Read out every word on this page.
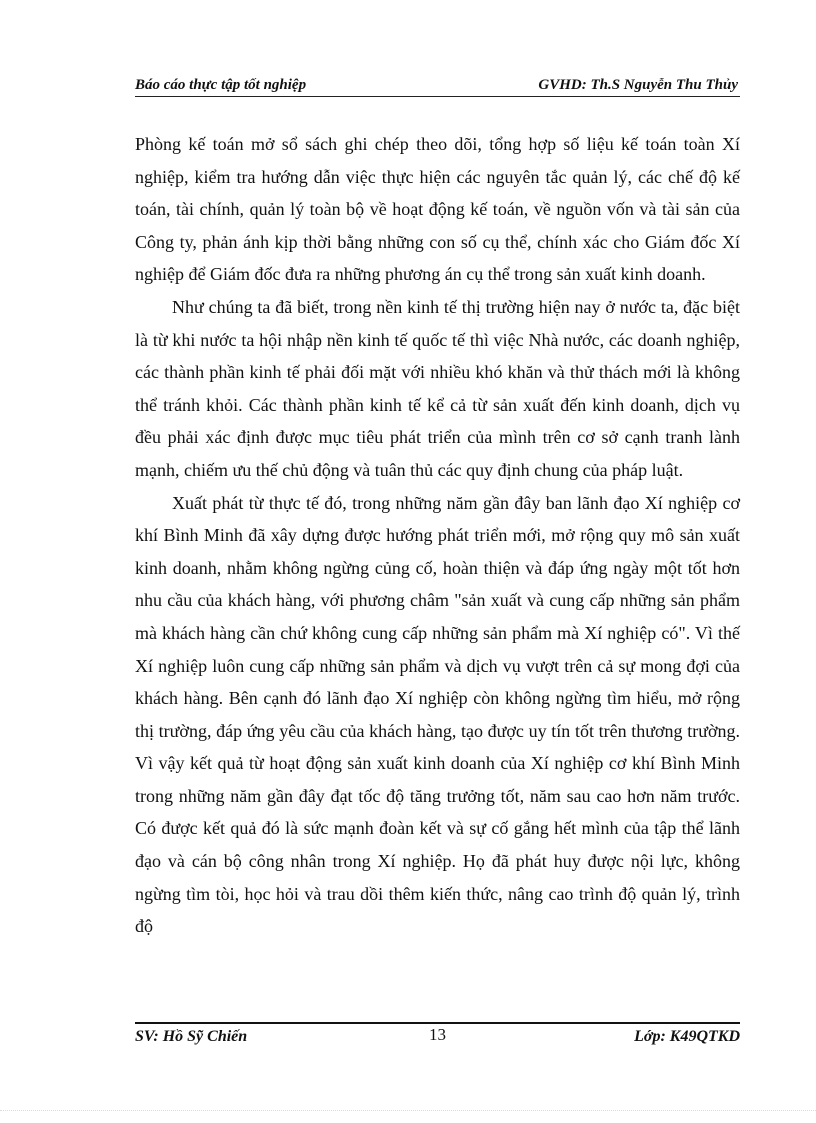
Báo cáo thực tập tốt nghiệp	GVHD: Th.S Nguyễn Thu Thủy

Phòng kế toán mở sổ sách ghi chép theo dõi, tổng hợp số liệu kế toán toàn Xí nghiệp, kiểm tra hướng dẫn việc thực hiện các nguyên tắc quản lý, các chế độ kế toán, tài chính, quản lý toàn bộ về hoạt động kế toán, về nguồn vốn và tài sản của Công ty, phản ánh kịp thời bằng những con số cụ thể, chính xác cho Giám đốc Xí nghiệp để Giám đốc đưa ra những phương án cụ thể trong sản xuất kinh doanh.

Như chúng ta đã biết, trong nền kinh tế thị trường hiện nay ở nước ta, đặc biệt là từ khi nước ta hội nhập nền kinh tế quốc tế thì việc Nhà nước, các doanh nghiệp, các thành phần kinh tế phải đối mặt với nhiều khó khăn và thử thách mới là không thể tránh khỏi. Các thành phần kinh tế kể cả từ sản xuất đến kinh doanh, dịch vụ đều phải xác định được mục tiêu phát triển của mình trên cơ sở cạnh tranh lành mạnh, chiếm ưu thế chủ động và tuân thủ các quy định chung của pháp luật.

Xuất phát từ thực tế đó, trong những năm gần đây ban lãnh đạo Xí nghiệp cơ khí Bình Minh đã xây dựng được hướng phát triển mới, mở rộng quy mô sản xuất kinh doanh, nhằm không ngừng củng cố, hoàn thiện và đáp ứng ngày một tốt hơn nhu cầu của khách hàng, với phương châm "sản xuất và cung cấp những sản phẩm mà khách hàng cần chứ không cung cấp những sản phẩm mà Xí nghiệp có". Vì thế Xí nghiệp luôn cung cấp những sản phẩm và dịch vụ vượt trên cả sự mong đợi của khách hàng. Bên cạnh đó lãnh đạo Xí nghiệp còn không ngừng tìm hiểu, mở rộng thị trường, đáp ứng yêu cầu của khách hàng, tạo được uy tín tốt trên thương trường. Vì vậy kết quả từ hoạt động sản xuất kinh doanh của Xí nghiệp cơ khí Bình Minh trong những năm gần đây đạt tốc độ tăng trưởng tốt, năm sau cao hơn năm trước. Có được kết quả đó là sức mạnh đoàn kết và sự cố gắng hết mình của tập thể lãnh đạo và cán bộ công nhân trong Xí nghiệp. Họ đã phát huy được nội lực, không ngừng tìm tòi, học hỏi và trau dồi thêm kiến thức, nâng cao trình độ quản lý, trình độ

SV: Hồ Sỹ Chiến	13	Lớp: K49QTKD
